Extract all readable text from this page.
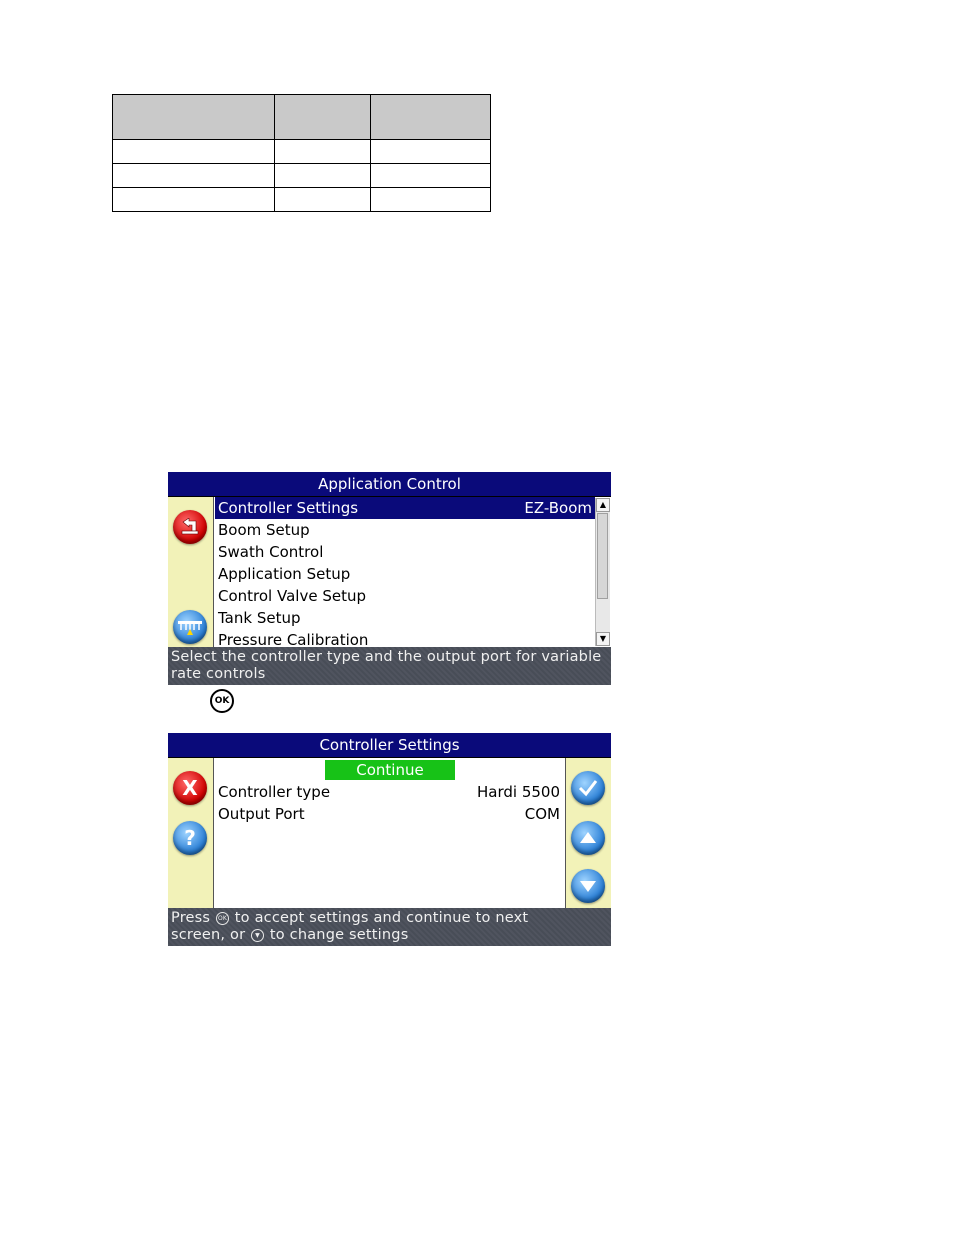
Application Control
Controller Settings	EZ-Boom
Boom Setup
Swath Control
Application Setup
Control Valve Setup
Tank Setup
Pressure Calibration
▲
▼
Select the controller type and the output port for variable rate controls
OK
Controller Settings
X
?
Continue
Controller type	Hardi 5500
Output Port	COM
Press OK to accept settings and continue to next
screen, or ▼ to change settings
